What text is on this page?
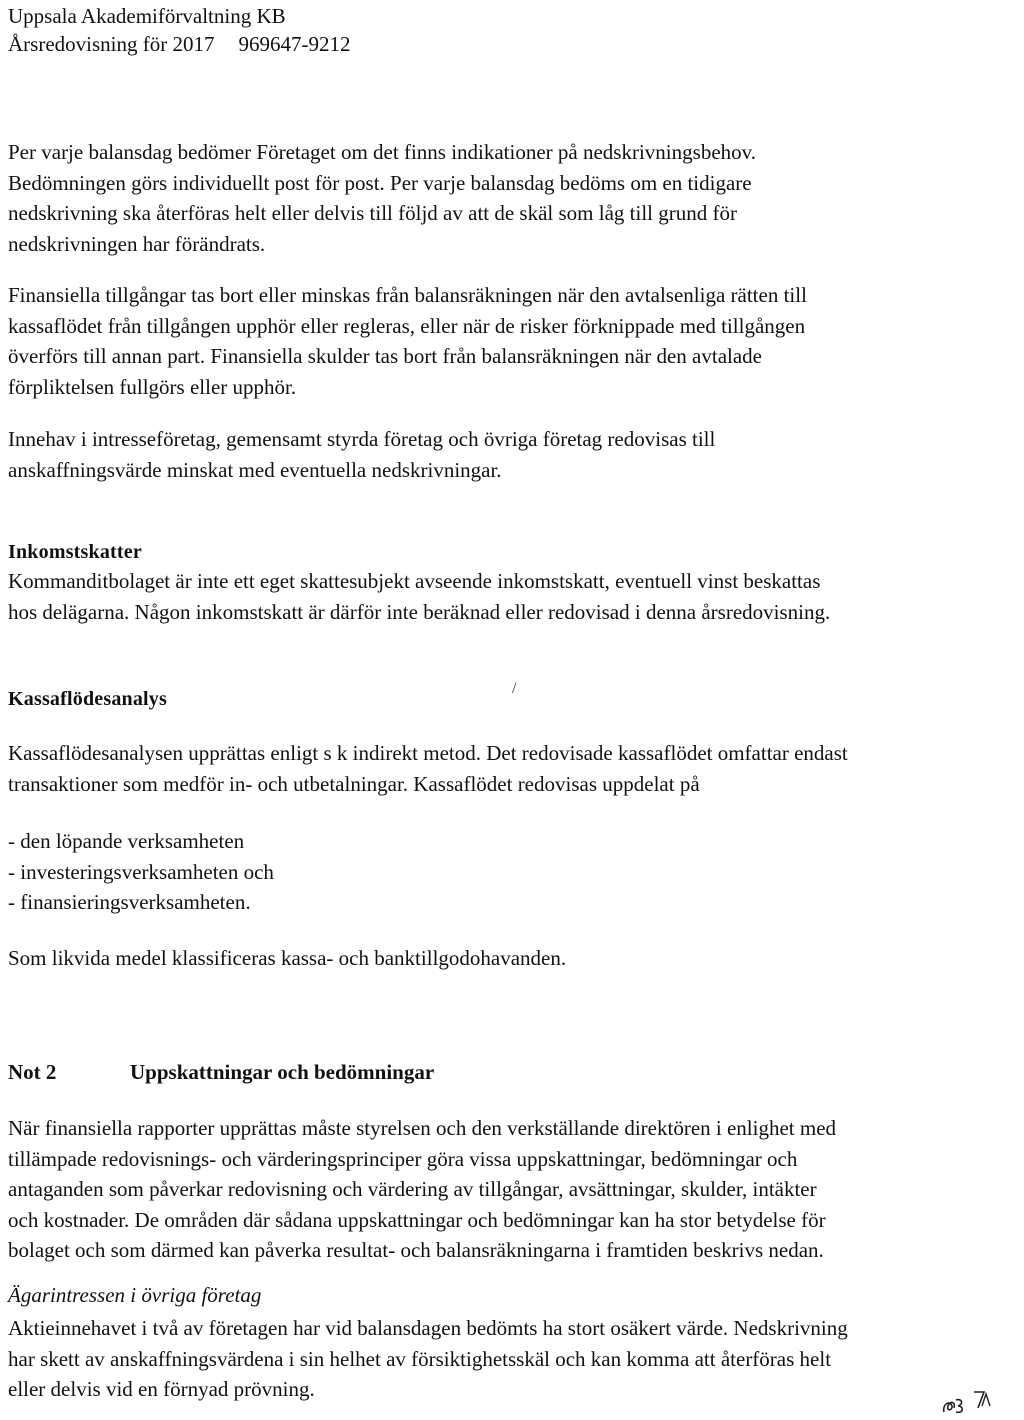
Uppsala Akademiförvaltning KB
Årsredovisning för 2017 969647-9212
Per varje balansdag bedömer Företaget om det finns indikationer på nedskrivningsbehov.
Bedömningen görs individuellt post för post. Per varje balansdag bedöms om en tidigare
nedskrivning ska återföras helt eller delvis till följd av att de skäl som låg till grund för
nedskrivningen har förändrats.
Finansiella tillgångar tas bort eller minskas från balansräkningen när den avtalsenliga rätten till
kassaflödet från tillgången upphör eller regleras, eller när de risker förknippade med tillgången
överförs till annan part. Finansiella skulder tas bort från balansräkningen när den avtalade
förpliktelsen fullgörs eller upphör.
Innehav i intresseföretag, gemensamt styrda företag och övriga företag redovisas till
anskaffningsvärde minskat med eventuella nedskrivningar.
Inkomstskatter
Kommanditbolaget är inte ett eget skattesubjekt avseende inkomstskatt, eventuell vinst beskattas
hos delägarna. Någon inkomstskatt är därför inte beräknad eller redovisad i denna årsredovisning.
Kassaflödesanalys	/
Kassaflödesanalysen upprättas enligt s k indirekt metod. Det redovisade kassaflödet omfattar endast
transaktioner som medför in- och utbetalningar. Kassaflödet redovisas uppdelat på
- den löpande verksamheten
- investeringsverksamheten och
- finansieringsverksamheten.
Som likvida medel klassificeras kassa- och banktillgodohavanden.
Not 2	Uppskattningar och bedömningar
När finansiella rapporter upprättas måste styrelsen och den verkställande direktören i enlighet med
tillämpade redovisnings- och värderingsprinciper göra vissa uppskattningar, bedömningar och
antaganden som påverkar redovisning och värdering av tillgångar, avsättningar, skulder, intäkter
och kostnader. De områden där sådana uppskattningar och bedömningar kan ha stor betydelse för
bolaget och som därmed kan påverka resultat- och balansräkningarna i framtiden beskrivs nedan.
Ägarintressen i övriga företag
Aktieinnehavet i två av företagen har vid balansdagen bedömts ha stort osäkert värde. Nedskrivning
har skett av anskaffningsvärdena i sin helhet av försiktighetsskäl och kan komma att återföras helt
eller delvis vid en förnyad prövning.
